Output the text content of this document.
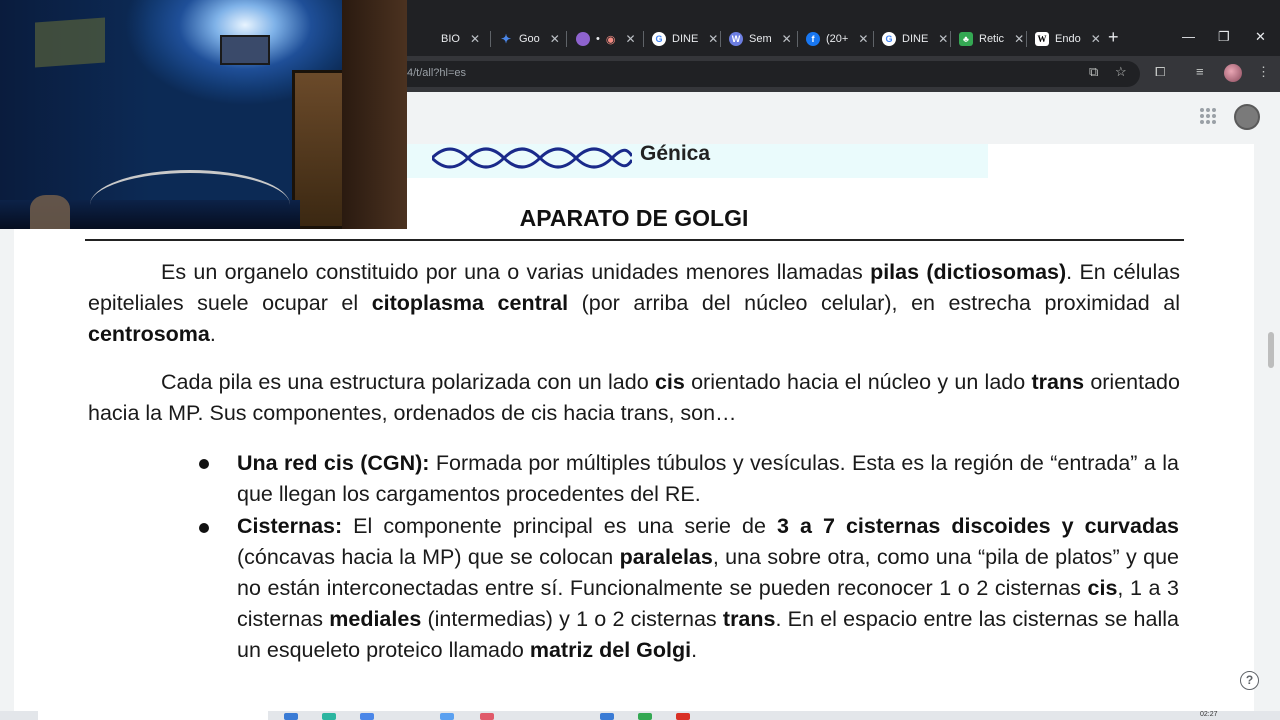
BIO ✕ ✦ Goo ✕	• ◉ ✕	G DINE ✕	W Sem ✕	f	(20+ ✕	G DINE ✕	♣ Retic ✕ W Endo ✕ +	— ❐ ✕
4/t/all?hl=es	⧉ ☆ ⧠ ≡	⋮
Génica
APARATO DE GOLGI
Es un organelo constituido por una o varias unidades menores llamadas pilas (dictiosomas). En células epiteliales suele ocupar el citoplasma central (por arriba del núcleo celular), en estrecha proximidad al centrosoma.
Cada pila es una estructura polarizada con un lado cis orientado hacia el núcleo y un lado trans orientado hacia la MP. Sus componentes, ordenados de cis hacia trans, son…
Una red cis (CGN): Formada por múltiples túbulos y vesículas. Esta es la región de “entrada” a la que llegan los cargamentos procedentes del RE.
Cisternas: El componente principal es una serie de 3 a 7 cisternas discoides y curvadas (cóncavas hacia la MP) que se colocan paralelas, una sobre otra, como una “pila de platos” y que no están interconectadas entre sí. Funcionalmente se pueden reconocer 1 o 2 cisternas cis, 1 a 3 cisternas mediales (intermedias) y 1 o 2 cisternas trans. En el espacio entre las cisternas se halla un esqueleto proteico llamado matriz del Golgi.
?
02:27
